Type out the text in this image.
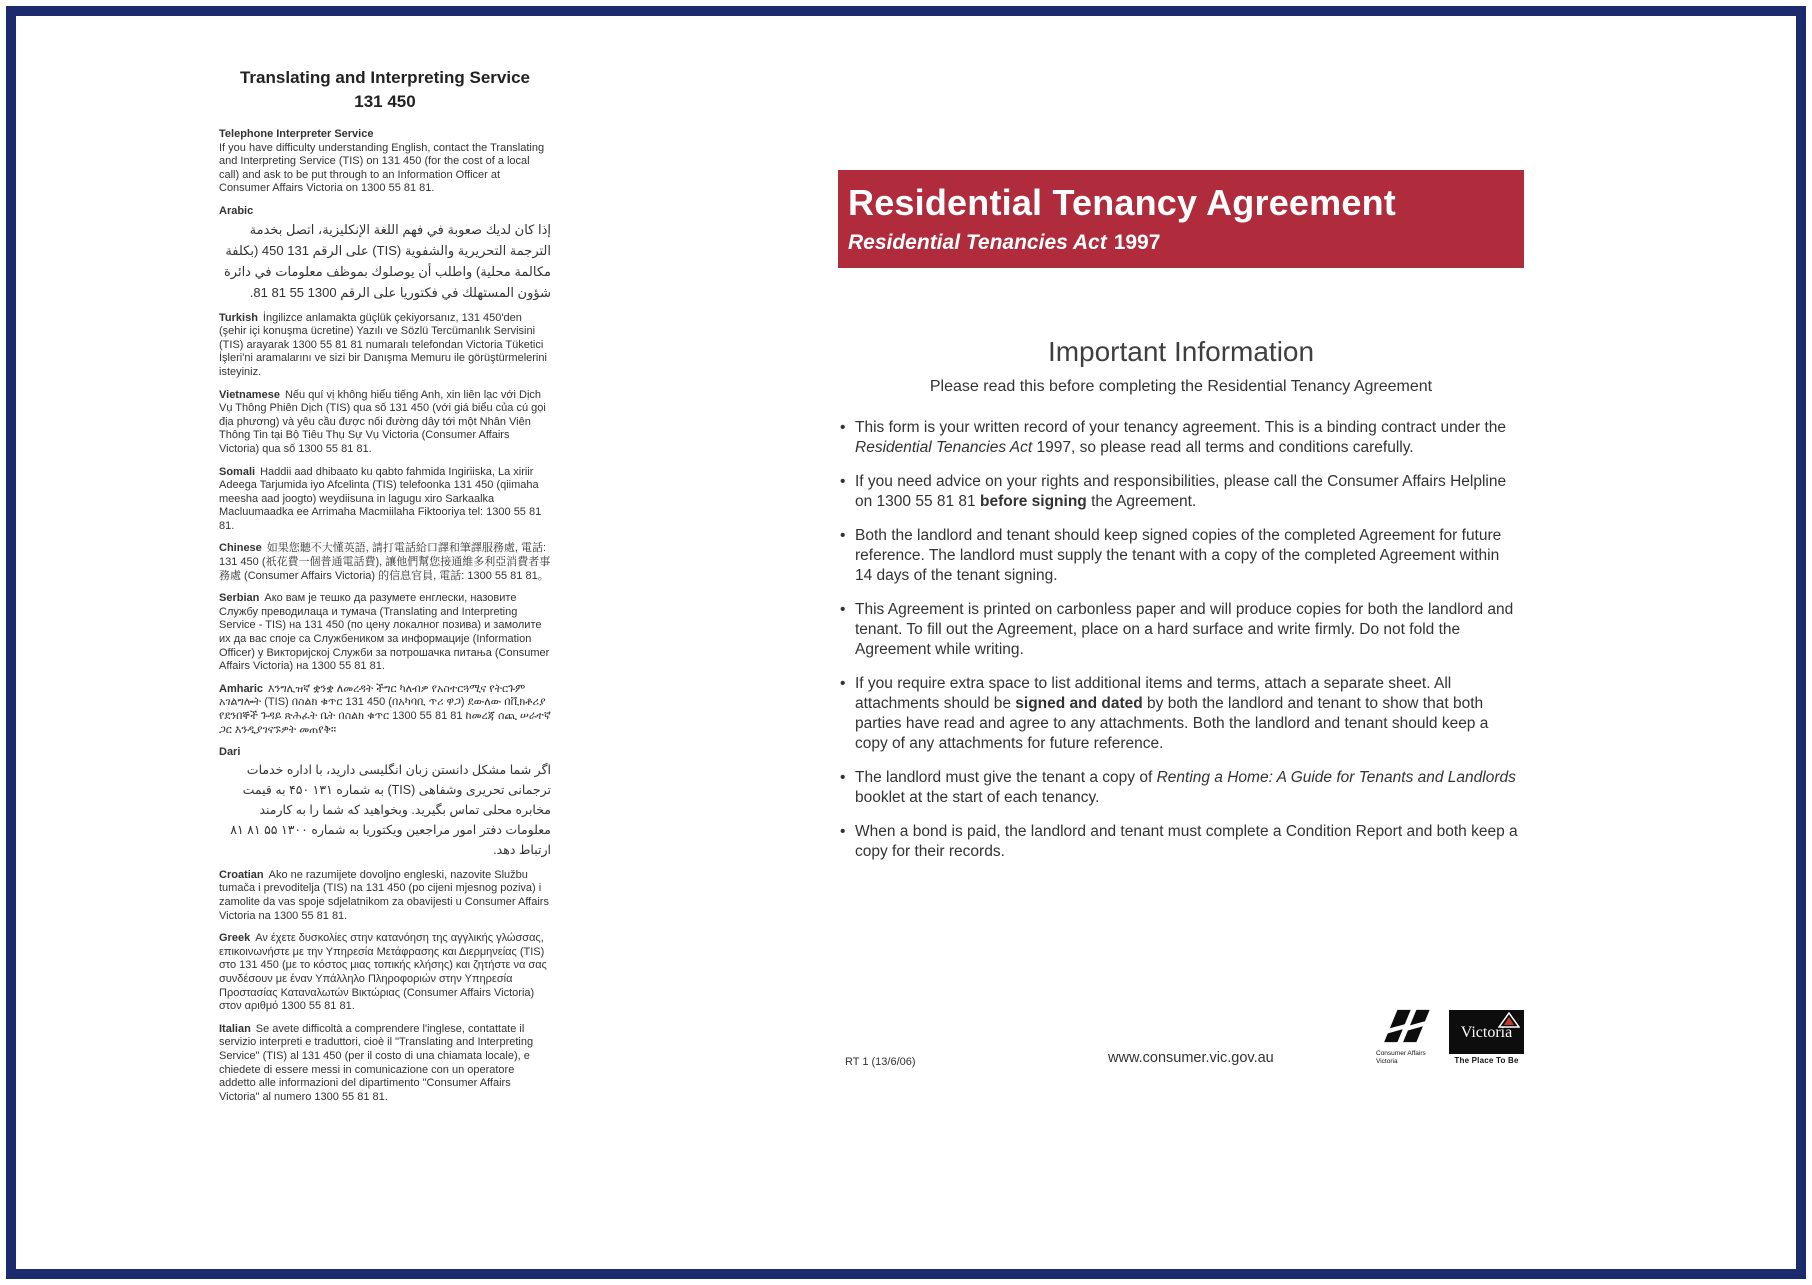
Translating and Interpreting Service
131 450
Telephone Interpreter Service
If you have difficulty understanding English, contact the Translating and Interpreting Service (TIS) on 131 450 (for the cost of a local call) and ask to be put through to an Information Officer at Consumer Affairs Victoria on 1300 55 81 81.
Arabic
إذا كان لديك صعوبة في فهم اللغة الإنكليزية، اتصل بخدمة الترجمة التحريرية والشفوية (TIS) على الرقم 131 450 (بكلفة مكالمة محلية) واطلب أن يوصلوك بموظف معلومات في دائرة شؤون المستهلك في فكتوريا على الرقم 1300 55 81 81.
Turkish İngilizce anlamakta güçlük çekiyorsanız, 131 450'den (şehir içi konuşma ücretine) Yazılı ve Sözlü Tercümanlık Servisini (TIS) arayarak 1300 55 81 81 numaralı telefondan Victoria Tüketici İşleri'ni aramalarını ve sizi bir Danışma Memuru ile görüştürmelerini isteyiniz.
Vietnamese Nếu quí vị không hiểu tiếng Anh, xin liên lạc với Dịch Vụ Thông Phiên Dịch (TIS) qua số 131 450 (với giá biểu của cú gọi địa phương) và yêu cầu được nối đường dây tới một Nhân Viên Thông Tin tại Bộ Tiêu Thụ Sự Vụ Victoria (Consumer Affairs Victoria) qua số 1300 55 81 81.
Somali Haddii aad dhibaato ku qabto fahmida Ingiriiska, La xiriir Adeega Tarjumida iyo Afcelinta (TIS) telefoonka 131 450 (qiimaha meesha aad joogto) weydiisuna in lagugu xiro Sarkaalka Macluumaadka ee Arrimaha Macmiilaha Fiktooriya tel: 1300 55 81 81.
Chinese 如果您聽不大懂英語, 請打電話給口譯和筆譯服務處, 電話: 131 450 (祇花費一個普通電話費), 讓他們幫您接通維多利亞消費者事務處 (Consumer Affairs Victoria) 的信息官員, 電話: 1300 55 81 81。
Serbian Ако вам је тешко да разумете енглески, назовите Службу преводилаца и тумача (Translating and Interpreting Service - TIS) на 131 450 (по цену локалног позива) и замолите их да вас споје са Службеником за информације (Information Officer) у Викторијској Служби за потрошачка питања (Consumer Affairs Victoria) на 1300 55 81 81.
Amharic እንግሊዝኛ ቋንቋ ለመረዳት ችግር ካለብዎ የአስተርጓሚና የትርጉም አገልግሎት (TIS) በስልክ ቁጥር 131 450 (በአካባቢ ጥሪ ዋጋ) ደውለው በቪክቶሪያ የደንበኞች ጉዳይ ጽሕፈት ቤት በስልክ ቁጥር 1300 55 81 81 ከመረጃ ሰጪ ሠራተኛ ጋር እንዲያገናኙዎት መጠየቅ።
Dari
اگر شما مشکل دانستن زبان انگلیسی دارید، با اداره خدمات ترجمانی تحریری وشفاهی (TIS) به شماره ۱۳۱ ۴۵۰ به قیمت مخابره محلی تماس بگیرید. وبخواهید که شما را به کارمند معلومات دفتر امور مراجعین ویکتوریا به شماره ۱۳۰۰ ۵۵ ۸۱ ۸۱ ارتباط دهد.
Croatian Ako ne razumijete dovoljno engleski, nazovite Službu tumača i prevoditelja (TIS) na 131 450 (po cijeni mjesnog poziva) i zamolite da vas spoje sdjelatnikom za obavijesti u Consumer Affairs Victoria na 1300 55 81 81.
Greek Αν έχετε δυσκολίες στην κατανόηση της αγγλικής γλώσσας, επικοινωνήστε με την Υπηρεσία Μετάφρασης και Διερμηνείας (TIS) στο 131 450 (με το κόστος μιας τοπικής κλήσης) και ζητήστε να σας συνδέσουν με έναν Υπάλληλο Πληροφοριών στην Υπηρεσία Προστασίας Καταναλωτών Βικτώριας (Consumer Affairs Victoria) στον αριθμό 1300 55 81 81.
Italian Se avete difficoltà a comprendere l'inglese, contattate il servizio interpreti e traduttori, cioè il "Translating and Interpreting Service" (TIS) al 131 450 (per il costo di una chiamata locale), e chiedete di essere messi in comunicazione con un operatore addetto alle informazioni del dipartimento "Consumer Affairs Victoria" al numero 1300 55 81 81.
Residential Tenancy Agreement
Residential Tenancies Act 1997
Important Information
Please read this before completing the Residential Tenancy Agreement
• This form is your written record of your tenancy agreement. This is a binding contract under the Residential Tenancies Act 1997, so please read all terms and conditions carefully.
• If you need advice on your rights and responsibilities, please call the Consumer Affairs Helpline on 1300 55 81 81 before signing the Agreement.
• Both the landlord and tenant should keep signed copies of the completed Agreement for future reference. The landlord must supply the tenant with a copy of the completed Agreement within 14 days of the tenant signing.
• This Agreement is printed on carbonless paper and will produce copies for both the landlord and tenant. To fill out the Agreement, place on a hard surface and write firmly. Do not fold the Agreement while writing.
• If you require extra space to list additional items and terms, attach a separate sheet. All attachments should be signed and dated by both the landlord and tenant to show that both parties have read and agree to any attachments. Both the landlord and tenant should keep a copy of any attachments for future reference.
• The landlord must give the tenant a copy of Renting a Home: A Guide for Tenants and Landlords booklet at the start of each tenancy.
• When a bond is paid, the landlord and tenant must complete a Condition Report and both keep a copy for their records.
RT 1 (13/6/06)	www.consumer.vic.gov.au	Consumer Affairs
Victoria
Victoria
The Place To Be
